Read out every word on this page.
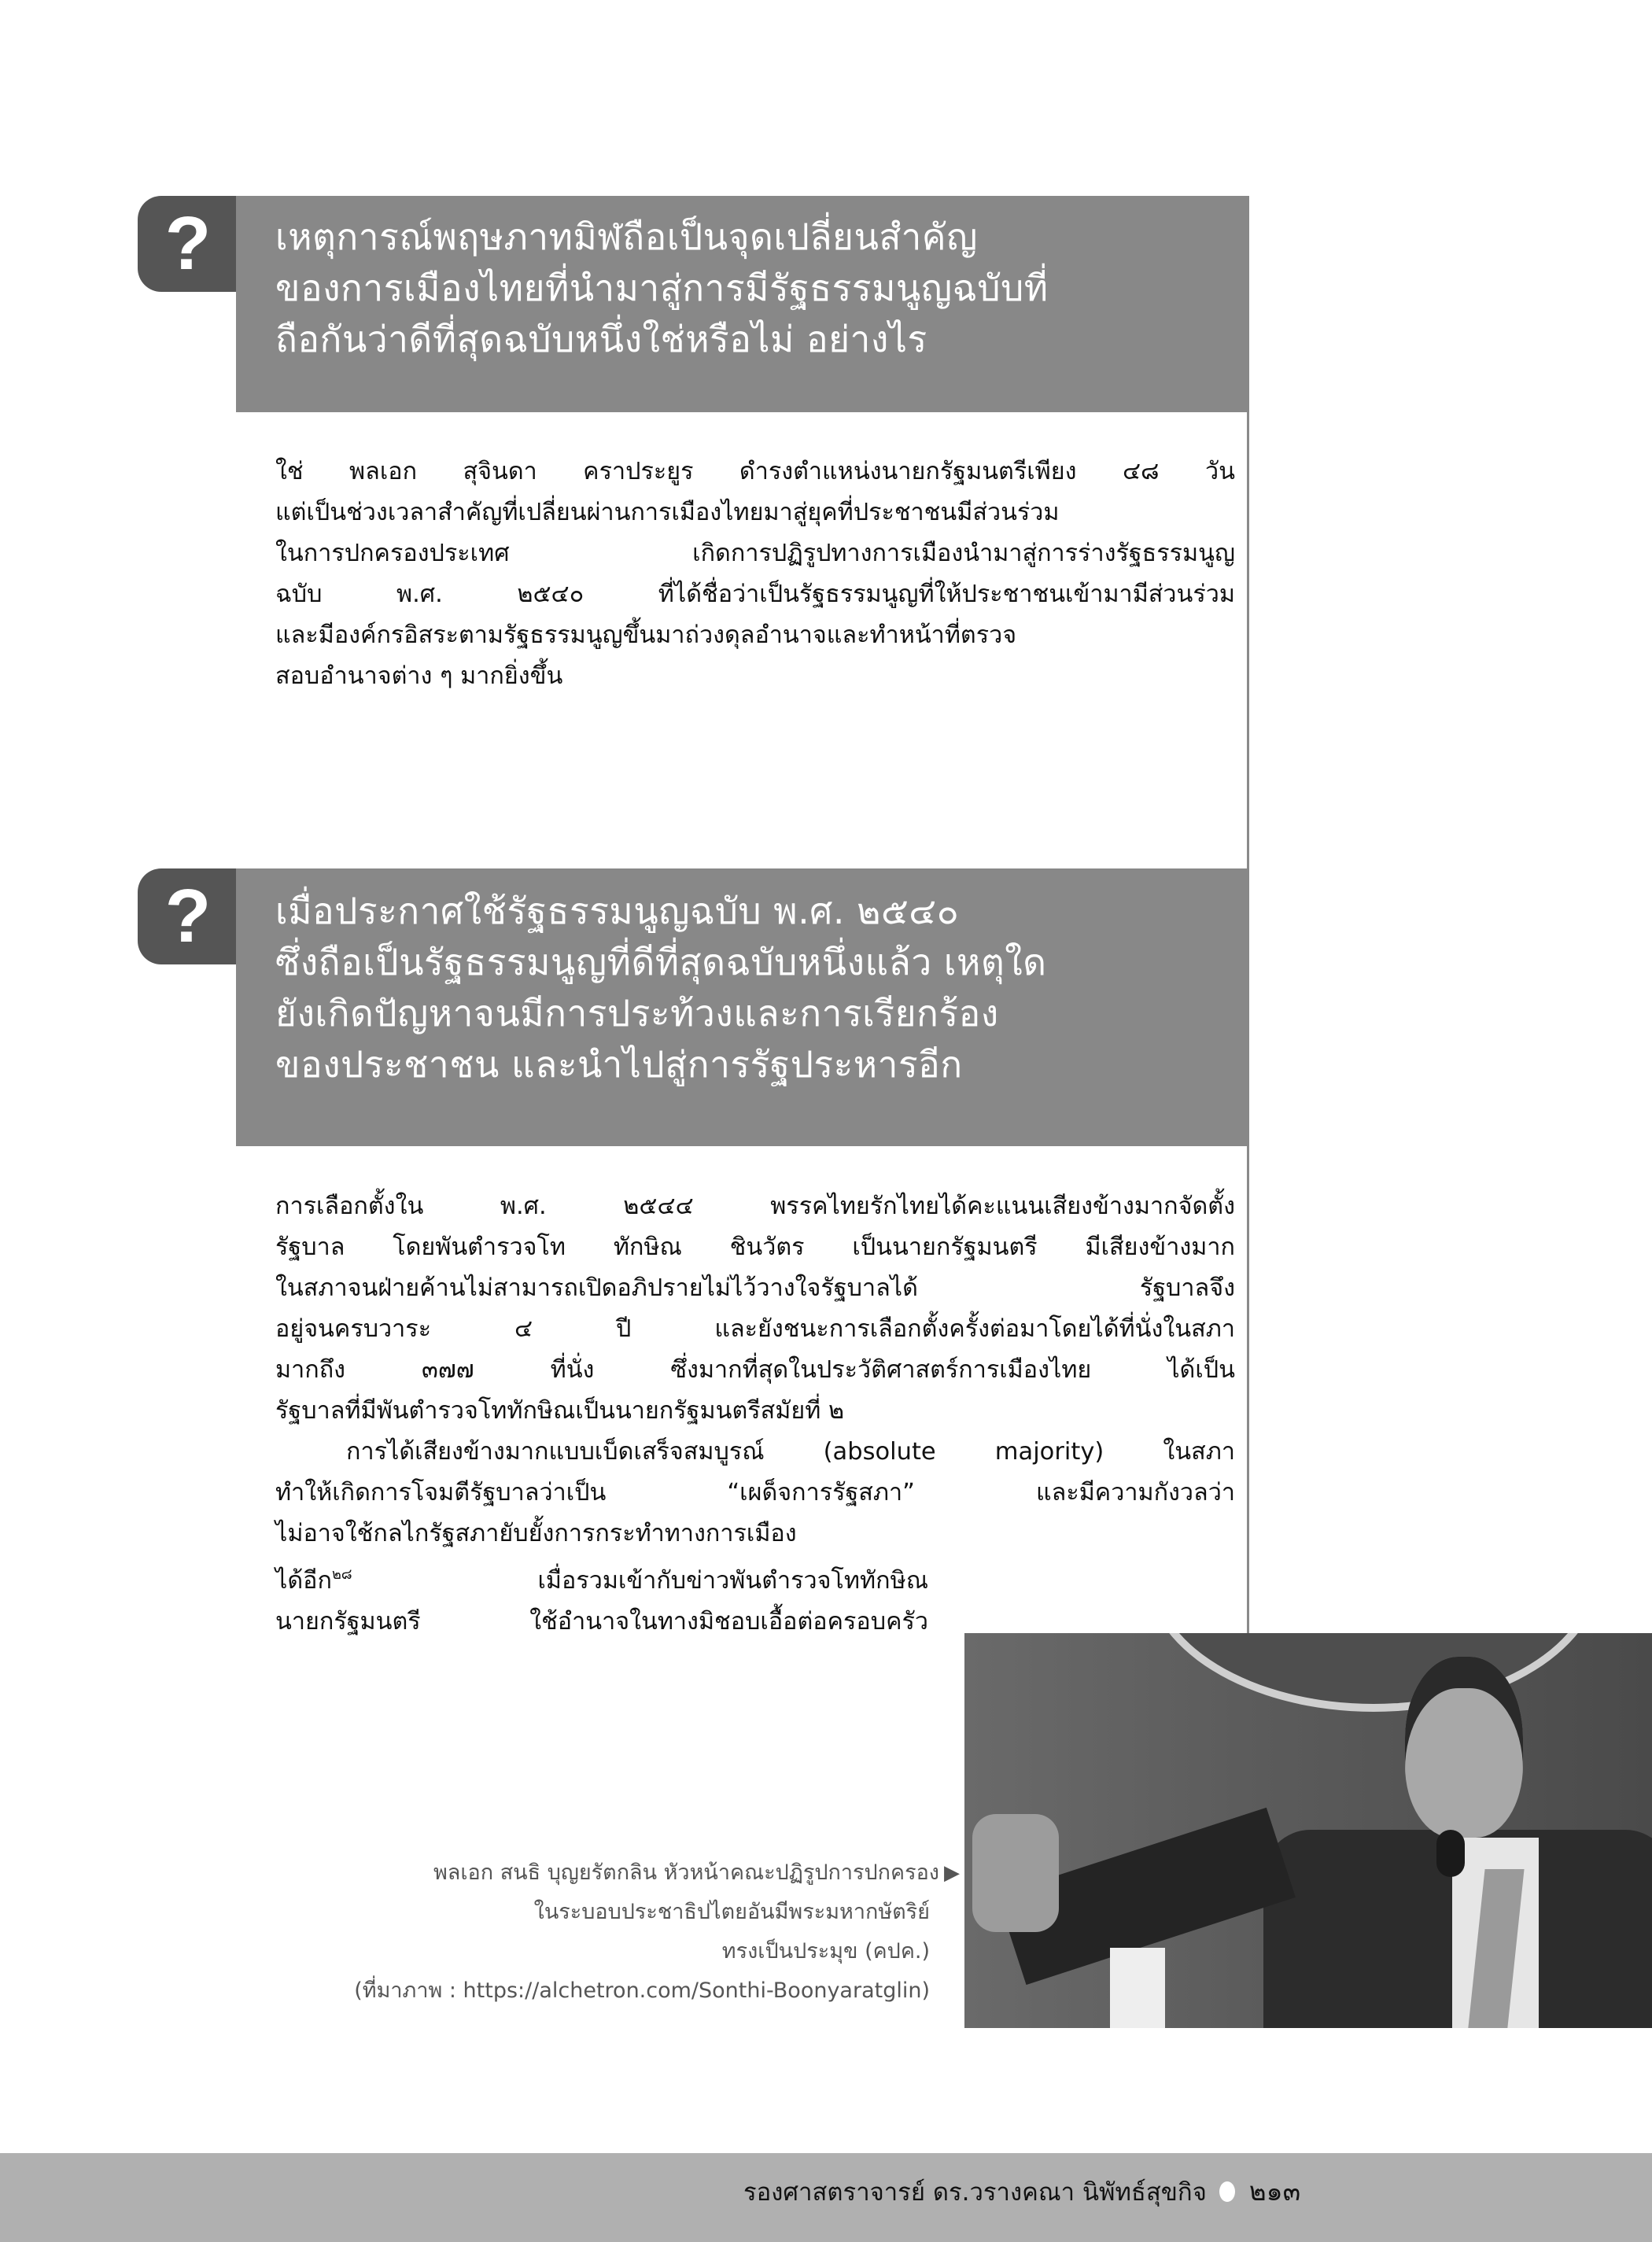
?	เหตุการณ์พฤษภาทมิฬถือเป็นจุดเปลี่ยนสำคัญ
ของการเมืองไทยที่นำมาสู่การมีรัฐธรรมนูญฉบับที่
ถือกันว่าดีที่สุดฉบับหนึ่งใช่หรือไม่ อย่างไร
ใช่ พลเอก สุจินดา คราประยูร ดำรงตำแหน่งนายกรัฐมนตรีเพียง ๔๘ วัน
แต่เป็นช่วงเวลาสำคัญที่เปลี่ยนผ่านการเมืองไทยมาสู่ยุคที่ประชาชนมีส่วนร่วม
ในการปกครองประเทศ เกิดการปฏิรูปทางการเมืองนำมาสู่การร่างรัฐธรรมนูญ
ฉบับ พ.ศ. ๒๕๔๐ ที่ได้ชื่อว่าเป็นรัฐธรรมนูญที่ให้ประชาชนเข้ามามีส่วนร่วม
และมีองค์กรอิสระตามรัฐธรรมนูญขึ้นมาถ่วงดุลอำนาจและทำหน้าที่ตรวจ
สอบอำนาจต่าง ๆ มากยิ่งขึ้น
?	เมื่อประกาศใช้รัฐธรรมนูญฉบับ พ.ศ. ๒๕๔๐
ซึ่งถือเป็นรัฐธรรมนูญที่ดีที่สุดฉบับหนึ่งแล้ว เหตุใด
ยังเกิดปัญหาจนมีการประท้วงและการเรียกร้อง
ของประชาชน และนำไปสู่การรัฐประหารอีก
การเลือกตั้งใน พ.ศ. ๒๕๔๔ พรรคไทยรักไทยได้คะแนนเสียงข้างมากจัดตั้ง
รัฐบาล โดยพันตำรวจโท ทักษิณ ชินวัตร เป็นนายกรัฐมนตรี มีเสียงข้างมาก
ในสภาจนฝ่ายค้านไม่สามารถเปิดอภิปรายไม่ไว้วางใจรัฐบาลได้ รัฐบาลจึง
อยู่จนครบวาระ ๔ ปี และยังชนะการเลือกตั้งครั้งต่อมาโดยได้ที่นั่งในสภา
มากถึง ๓๗๗ ที่นั่ง ซึ่งมากที่สุดในประวัติศาสตร์การเมืองไทย ได้เป็น
รัฐบาลที่มีพันตำรวจโททักษิณเป็นนายกรัฐมนตรีสมัยที่ ๒
การได้เสียงข้างมากแบบเบ็ดเสร็จสมบูรณ์ (absolute majority) ในสภา
ทำให้เกิดการโจมตีรัฐบาลว่าเป็น “เผด็จการรัฐสภา” และมีความกังวลว่า
ไม่อาจใช้กลไกรัฐสภายับยั้งการกระทำทางการเมือง
ได้อีก$^{๒๘}$ เมื่อรวมเข้ากับข่าวพันตำรวจโททักษิณ
นายกรัฐมนตรี ใช้อำนาจในทางมิชอบเอื้อต่อครอบครัว
พลเอก สนธิ บุญยรัตกลิน หัวหน้าคณะปฏิรูปการปกครอง ▶
ในระบอบประชาธิปไตยอันมีพระมหากษัตริย์
ทรงเป็นประมุข (คปค.)
(ที่มาภาพ : https://alchetron.com/Sonthi-Boonyaratglin)
รองศาสตราจารย์ ดร.วรางคณา นิพัทธ์สุขกิจ ๒๑๓
